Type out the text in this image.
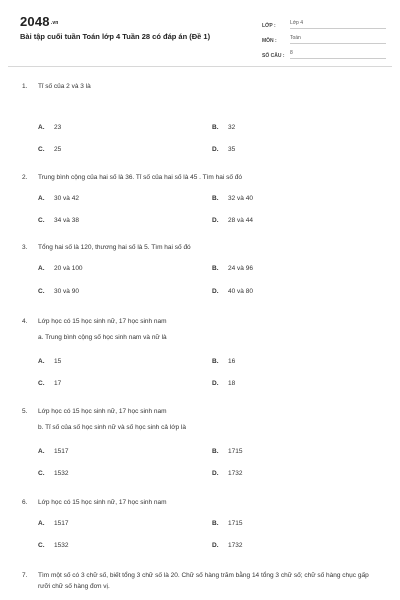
2048.vn
Bài tập cuối tuần Toán lớp 4 Tuần 28 có đáp án (Đề 1)
LỚP :	Lớp 4
MÔN :	Toán
SỐ CÂU :	8
1. Tỉ số của 2 và 3 là
A. 23	B. 32
C. 25	D. 35
2. Trung bình cộng của hai số là 36. Tỉ số của hai số là 45 . Tìm hai số đó
A. 30 và 42	B. 32 và 40
C. 34 và 38	D. 28 và 44
3. Tổng hai số là 120, thương hai số là 5. Tìm hai số đó
A. 20 và 100	B. 24 và 96
C. 30 và 90	D. 40 và 80
4. Lớp học có 15 học sinh nữ, 17 học sinh nam
a. Trung bình cộng số học sinh nam và nữ là
A. 15	B. 16
C. 17	D. 18
5. Lớp học có 15 học sinh nữ, 17 học sinh nam
b. Tỉ số của số học sinh nữ và số học sinh cả lớp là
A. 1517	B. 1715
C. 1532	D. 1732
6. Lớp học có 15 học sinh nữ, 17 học sinh nam
A. 1517	B. 1715
C. 1532	D. 1732
7.	Tìm một số có 3 chữ số, biết tổng 3 chữ số là 20. Chữ số hàng trăm bằng 14 tổng 3 chữ số; chữ số hàng chục gấp rưỡi chữ số hàng đơn vị.
